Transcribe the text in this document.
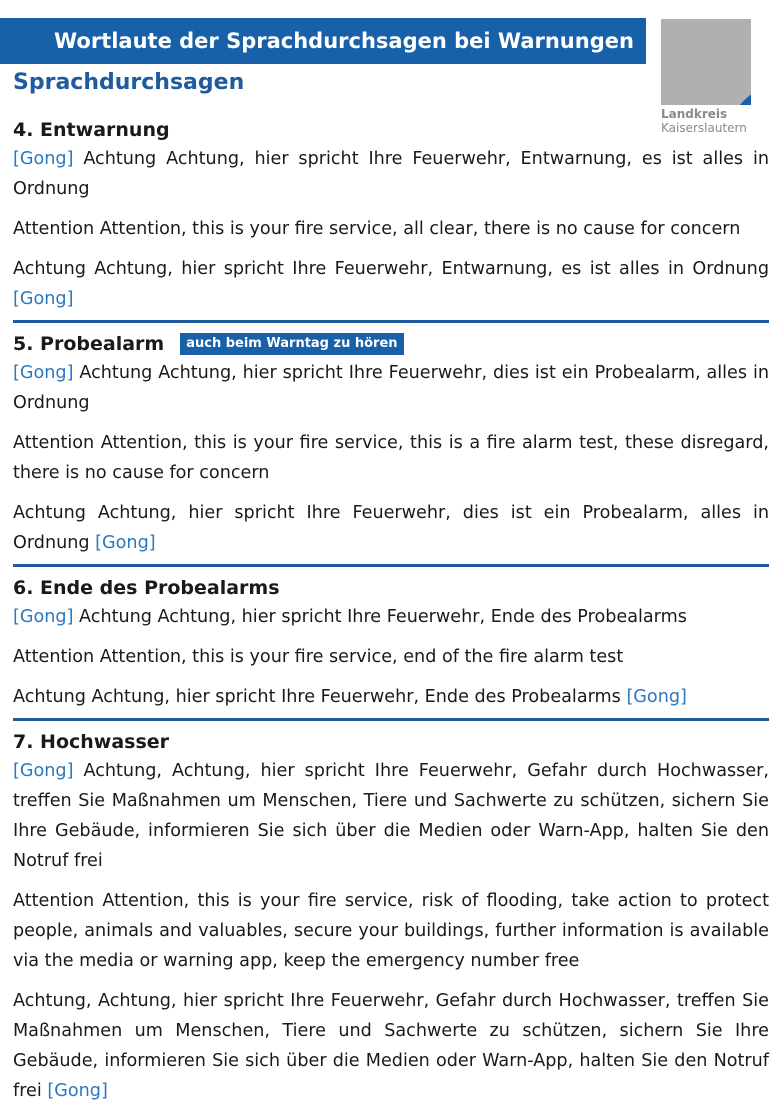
Wortlaute der Sprachdurchsagen bei Warnungen
Sprachdurchsagen
Landkreis
Kaiserslautern
4. Entwarnung

[Gong] Achtung Achtung, hier spricht Ihre Feuerwehr, Entwarnung, es ist alles in Ordnung

Attention Attention, this is your fire service, all clear, there is no cause for concern

Achtung Achtung, hier spricht Ihre Feuerwehr, Entwarnung, es ist alles in Ordnung [Gong]

5. Probealarm	auch beim Warntag zu hören

[Gong] Achtung Achtung, hier spricht Ihre Feuerwehr, dies ist ein Probealarm, alles in Ordnung

Attention Attention, this is your fire service, this is a fire alarm test, these disregard, there is no cause for concern

Achtung Achtung, hier spricht Ihre Feuerwehr, dies ist ein Probealarm, alles in Ordnung [Gong]

6. Ende des Probealarms

[Gong] Achtung Achtung, hier spricht Ihre Feuerwehr, Ende des Probealarms

Attention Attention, this is your fire service, end of the fire alarm test

Achtung Achtung, hier spricht Ihre Feuerwehr, Ende des Probealarms [Gong]

7. Hochwasser

[Gong] Achtung, Achtung, hier spricht Ihre Feuerwehr, Gefahr durch Hochwasser, treffen Sie Maßnahmen um Menschen, Tiere und Sachwerte zu schützen, sichern Sie Ihre Gebäude, informieren Sie sich über die Medien oder Warn-App, halten Sie den Notruf frei

Attention Attention, this is your fire service, risk of flooding, take action to protect people, animals and valuables, secure your buildings, further information is available via the media or warning app, keep the emergency number free

Achtung, Achtung, hier spricht Ihre Feuerwehr, Gefahr durch Hochwasser, treffen Sie Maßnahmen um Menschen, Tiere und Sachwerte zu schützen, sichern Sie Ihre Gebäude, informieren Sie sich über die Medien oder Warn-App, halten Sie den Notruf frei [Gong]
